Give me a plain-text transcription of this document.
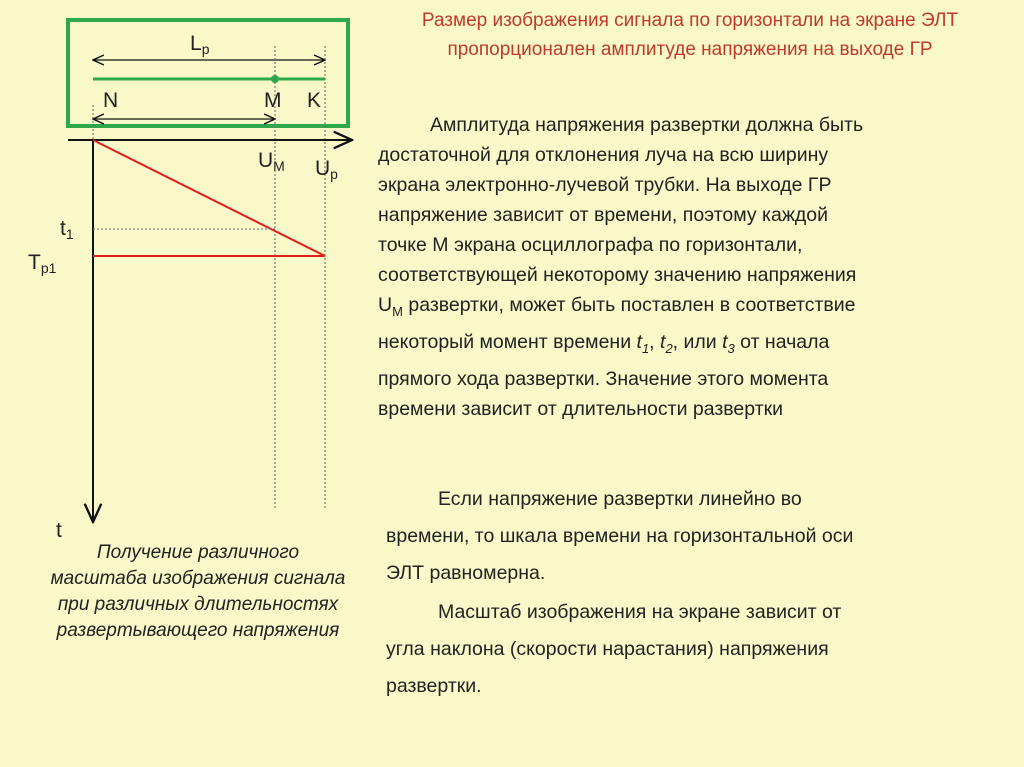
$L_р$
N	M K
$U_M$ $U_р$
$t_1$
$T_{р1}$
t
Получение различного масштаба изображения сигнала при различных длительностях развертывающего напряжения
Размер изображения сигнала по горизонтали на экране ЭЛТ пропорционален амплитуде напряжения на выходе ГР
Амплитуда напряжения развертки должна быть
достаточной для отклонения луча на всю ширину
экрана электронно-лучевой трубки. На выходе ГР
напряжение зависит от времени, поэтому каждой
точке М экрана осциллографа по горизонтали,
соответствующей некоторому значению напряжения
$U_M$ развертки, может быть поставлен в соответствие
некоторый момент времени $t_1$, $t_2$, или $t_3$ от начала
прямого хода развертки. Значение этого момента
времени зависит от длительности развертки
Если напряжение развертки линейно во
времени, то шкала времени на горизонтальной оси
ЭЛТ равномерна.
Масштаб изображения на экране зависит от
угла наклона (скорости нарастания) напряжения
развертки.
